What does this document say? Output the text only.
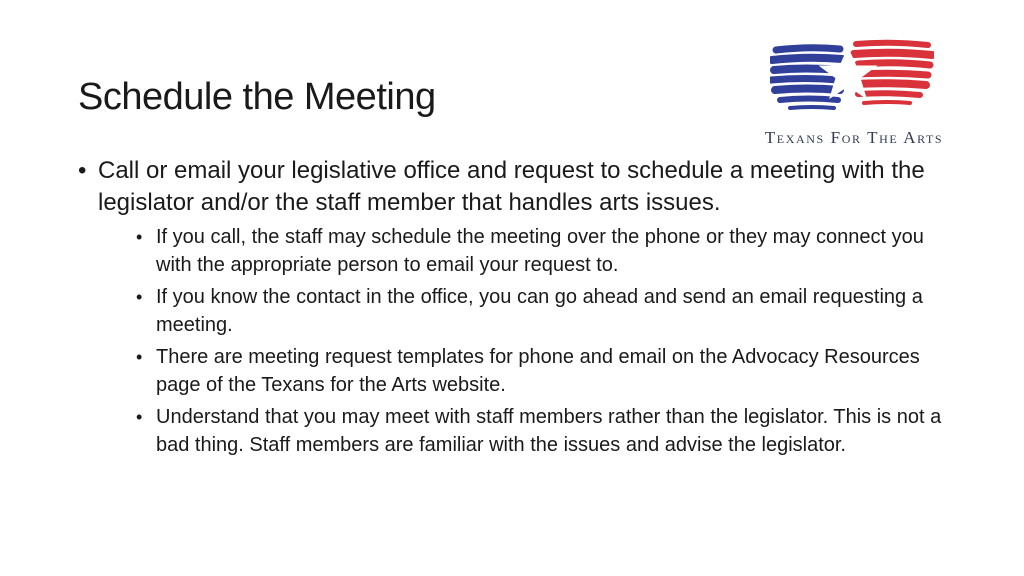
Schedule the Meeting
Texans For The Arts
• Call or email your legislative office and request to schedule a meeting with the legislator and/or the staff member that handles arts issues.
• If you call, the staff may schedule the meeting over the phone or they may connect you with the appropriate person to email your request to.
• If you know the contact in the office, you can go ahead and send an email requesting a meeting.
• There are meeting request templates for phone and email on the Advocacy Resources page of the Texans for the Arts website.
• Understand that you may meet with staff members rather than the legislator. This is not a bad thing. Staff members are familiar with the issues and advise the legislator.
